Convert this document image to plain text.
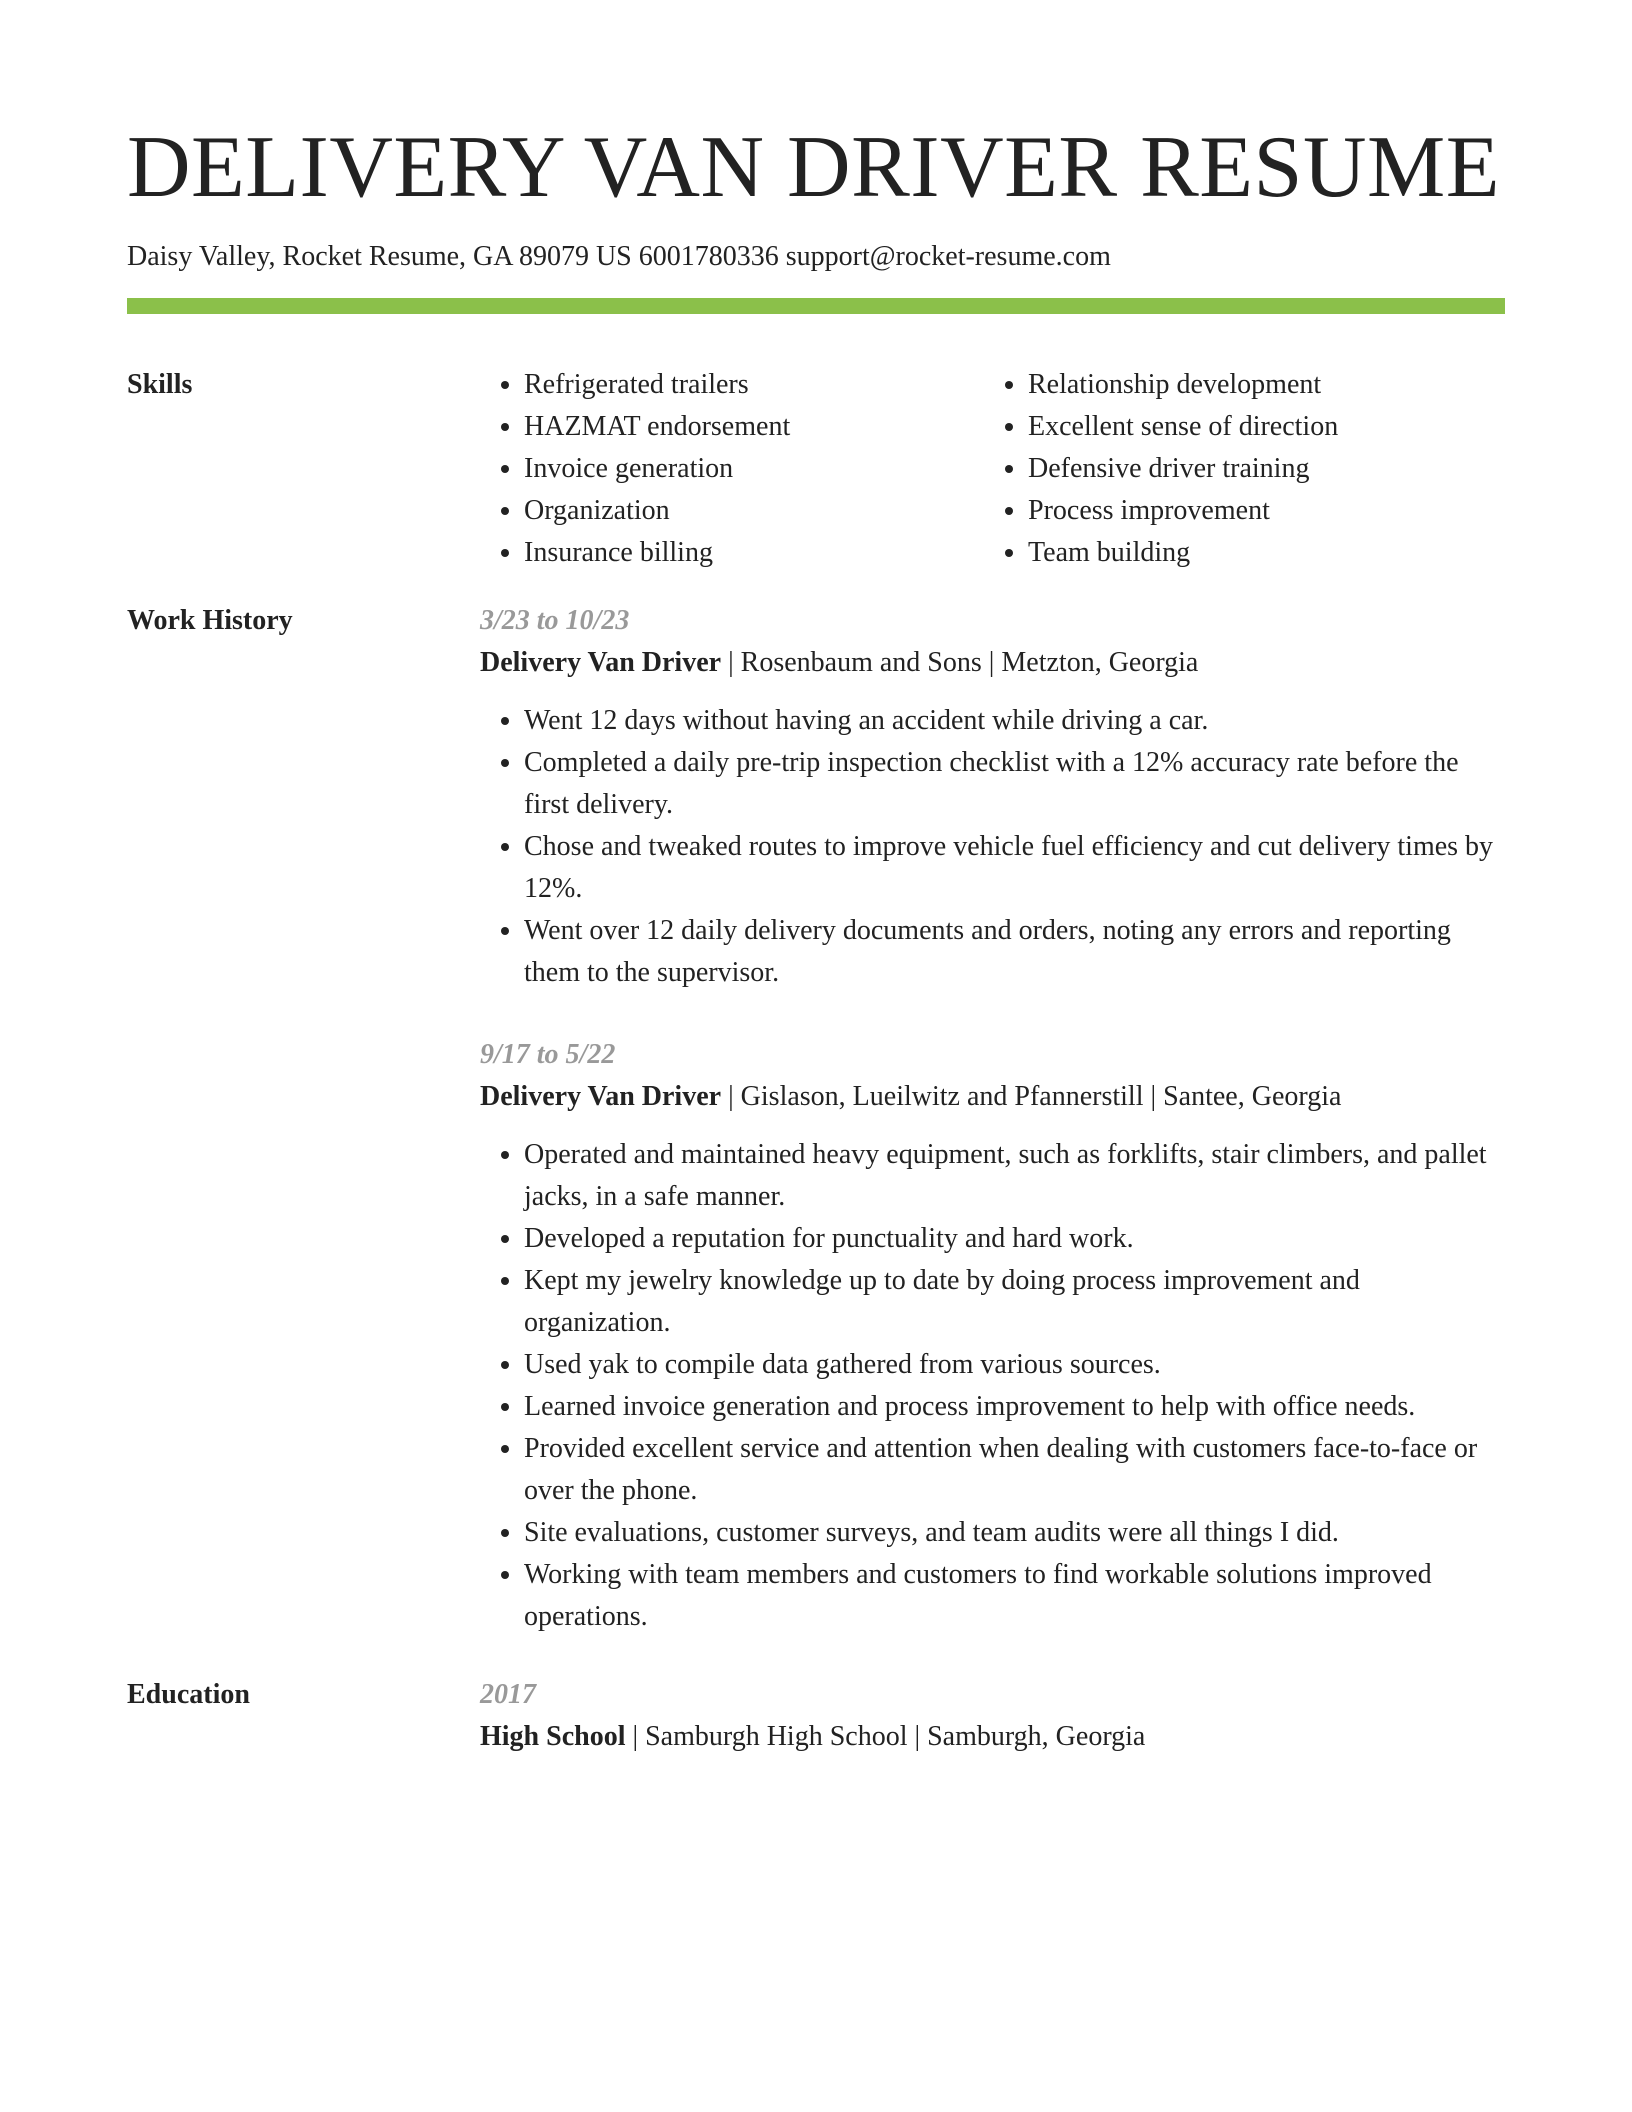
DELIVERY VAN DRIVER RESUME
Daisy Valley, Rocket Resume, GA 89079 US 6001780336 support@rocket-resume.com
Skills
•	Refrigerated trailers
• HAZMAT endorsement
• Invoice generation
• Organization
• Insurance billing
• Relationship development
• Excellent sense of direction
• Defensive driver training
• Process improvement
• Team building
Work History	3/23 to 10/23
Delivery Van Driver | Rosenbaum and Sons | Metzton, Georgia
• Went 12 days without having an accident while driving a car.
• Completed a daily pre-trip inspection checklist with a 12% accuracy rate before the first delivery.
• Chose and tweaked routes to improve vehicle fuel efficiency and cut delivery times by 12%.
• Went over 12 daily delivery documents and orders, noting any errors and reporting them to the supervisor.
9/17 to 5/22
Delivery Van Driver | Gislason, Lueilwitz and Pfannerstill | Santee, Georgia
• Operated and maintained heavy equipment, such as forklifts, stair climbers, and pallet jacks, in a safe manner.
• Developed a reputation for punctuality and hard work.
• Kept my jewelry knowledge up to date by doing process improvement and organization.
• Used yak to compile data gathered from various sources.
• Learned invoice generation and process improvement to help with office needs.
• Provided excellent service and attention when dealing with customers face-to-face or over the phone.
• Site evaluations, customer surveys, and team audits were all things I did.
• Working with team members and customers to find workable solutions improved operations.
Education	2017
High School | Samburgh High School | Samburgh, Georgia
